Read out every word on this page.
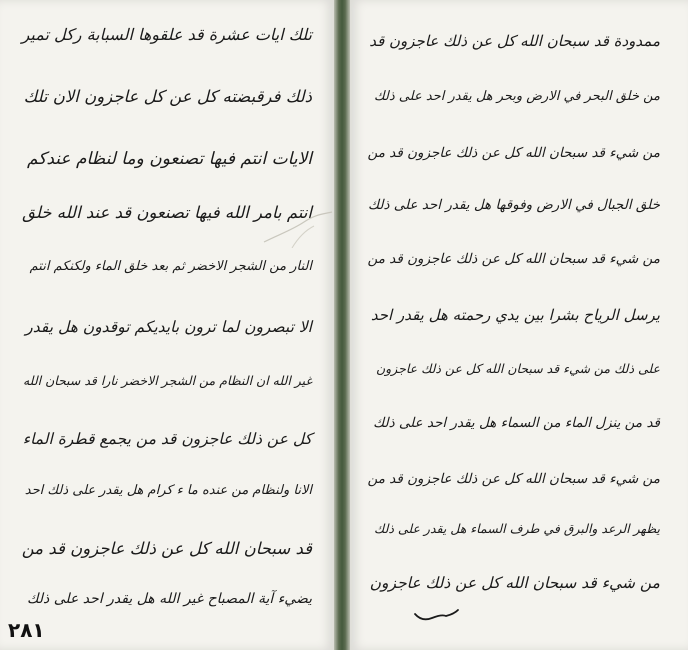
تلك ايات عشرة قد علقوها السبابة ركل تمير
ذلك فرقبضته كل عن كل عاجزون الان تلك
الايات انتم فيها تصنعون وما لنظام عندكم
انتم بامر الله فيها تصنعون قد عند الله خلق
النار من الشجر الاخضر ثم بعد خلق الماء ولكنكم انتم
الا تبصرون لما ترون بايديكم توقدون هل يقدر
غير الله ان النظام من الشجر الاخضر نارا قد سبحان الله
كل عن ذلك عاجزون قد من يجمع قطرة الماء
الانا ولنظام من عنده ما ء كرام هل يقدر على ذلك احد
قد سبحان الله كل عن ذلك عاجزون قد من
يضيء آية المصباح غير الله هل يقدر احد على ذلك
٢٨١
ممدودة قد سبحان الله كل عن ذلك عاجزون قد
من خلق البحر في الارض وبحر هل يقدر احد على ذلك
من شيء قد سبحان الله كل عن ذلك عاجزون قد من
خلق الجبال في الارض وفوقها هل يقدر احد على ذلك
من شيء قد سبحان الله كل عن ذلك عاجزون قد من
يرسل الرياح بشرا بين يدي رحمته هل يقدر احد
على ذلك من شيء قد سبحان الله كل عن ذلك عاجزون
قد من ينزل الماء من السماء هل يقدر احد على ذلك
من شيء قد سبحان الله كل عن ذلك عاجزون قد من
يظهر الرعد والبرق في طرف السماء هل يقدر على ذلك
من شيء قد سبحان الله كل عن ذلك عاجزون
